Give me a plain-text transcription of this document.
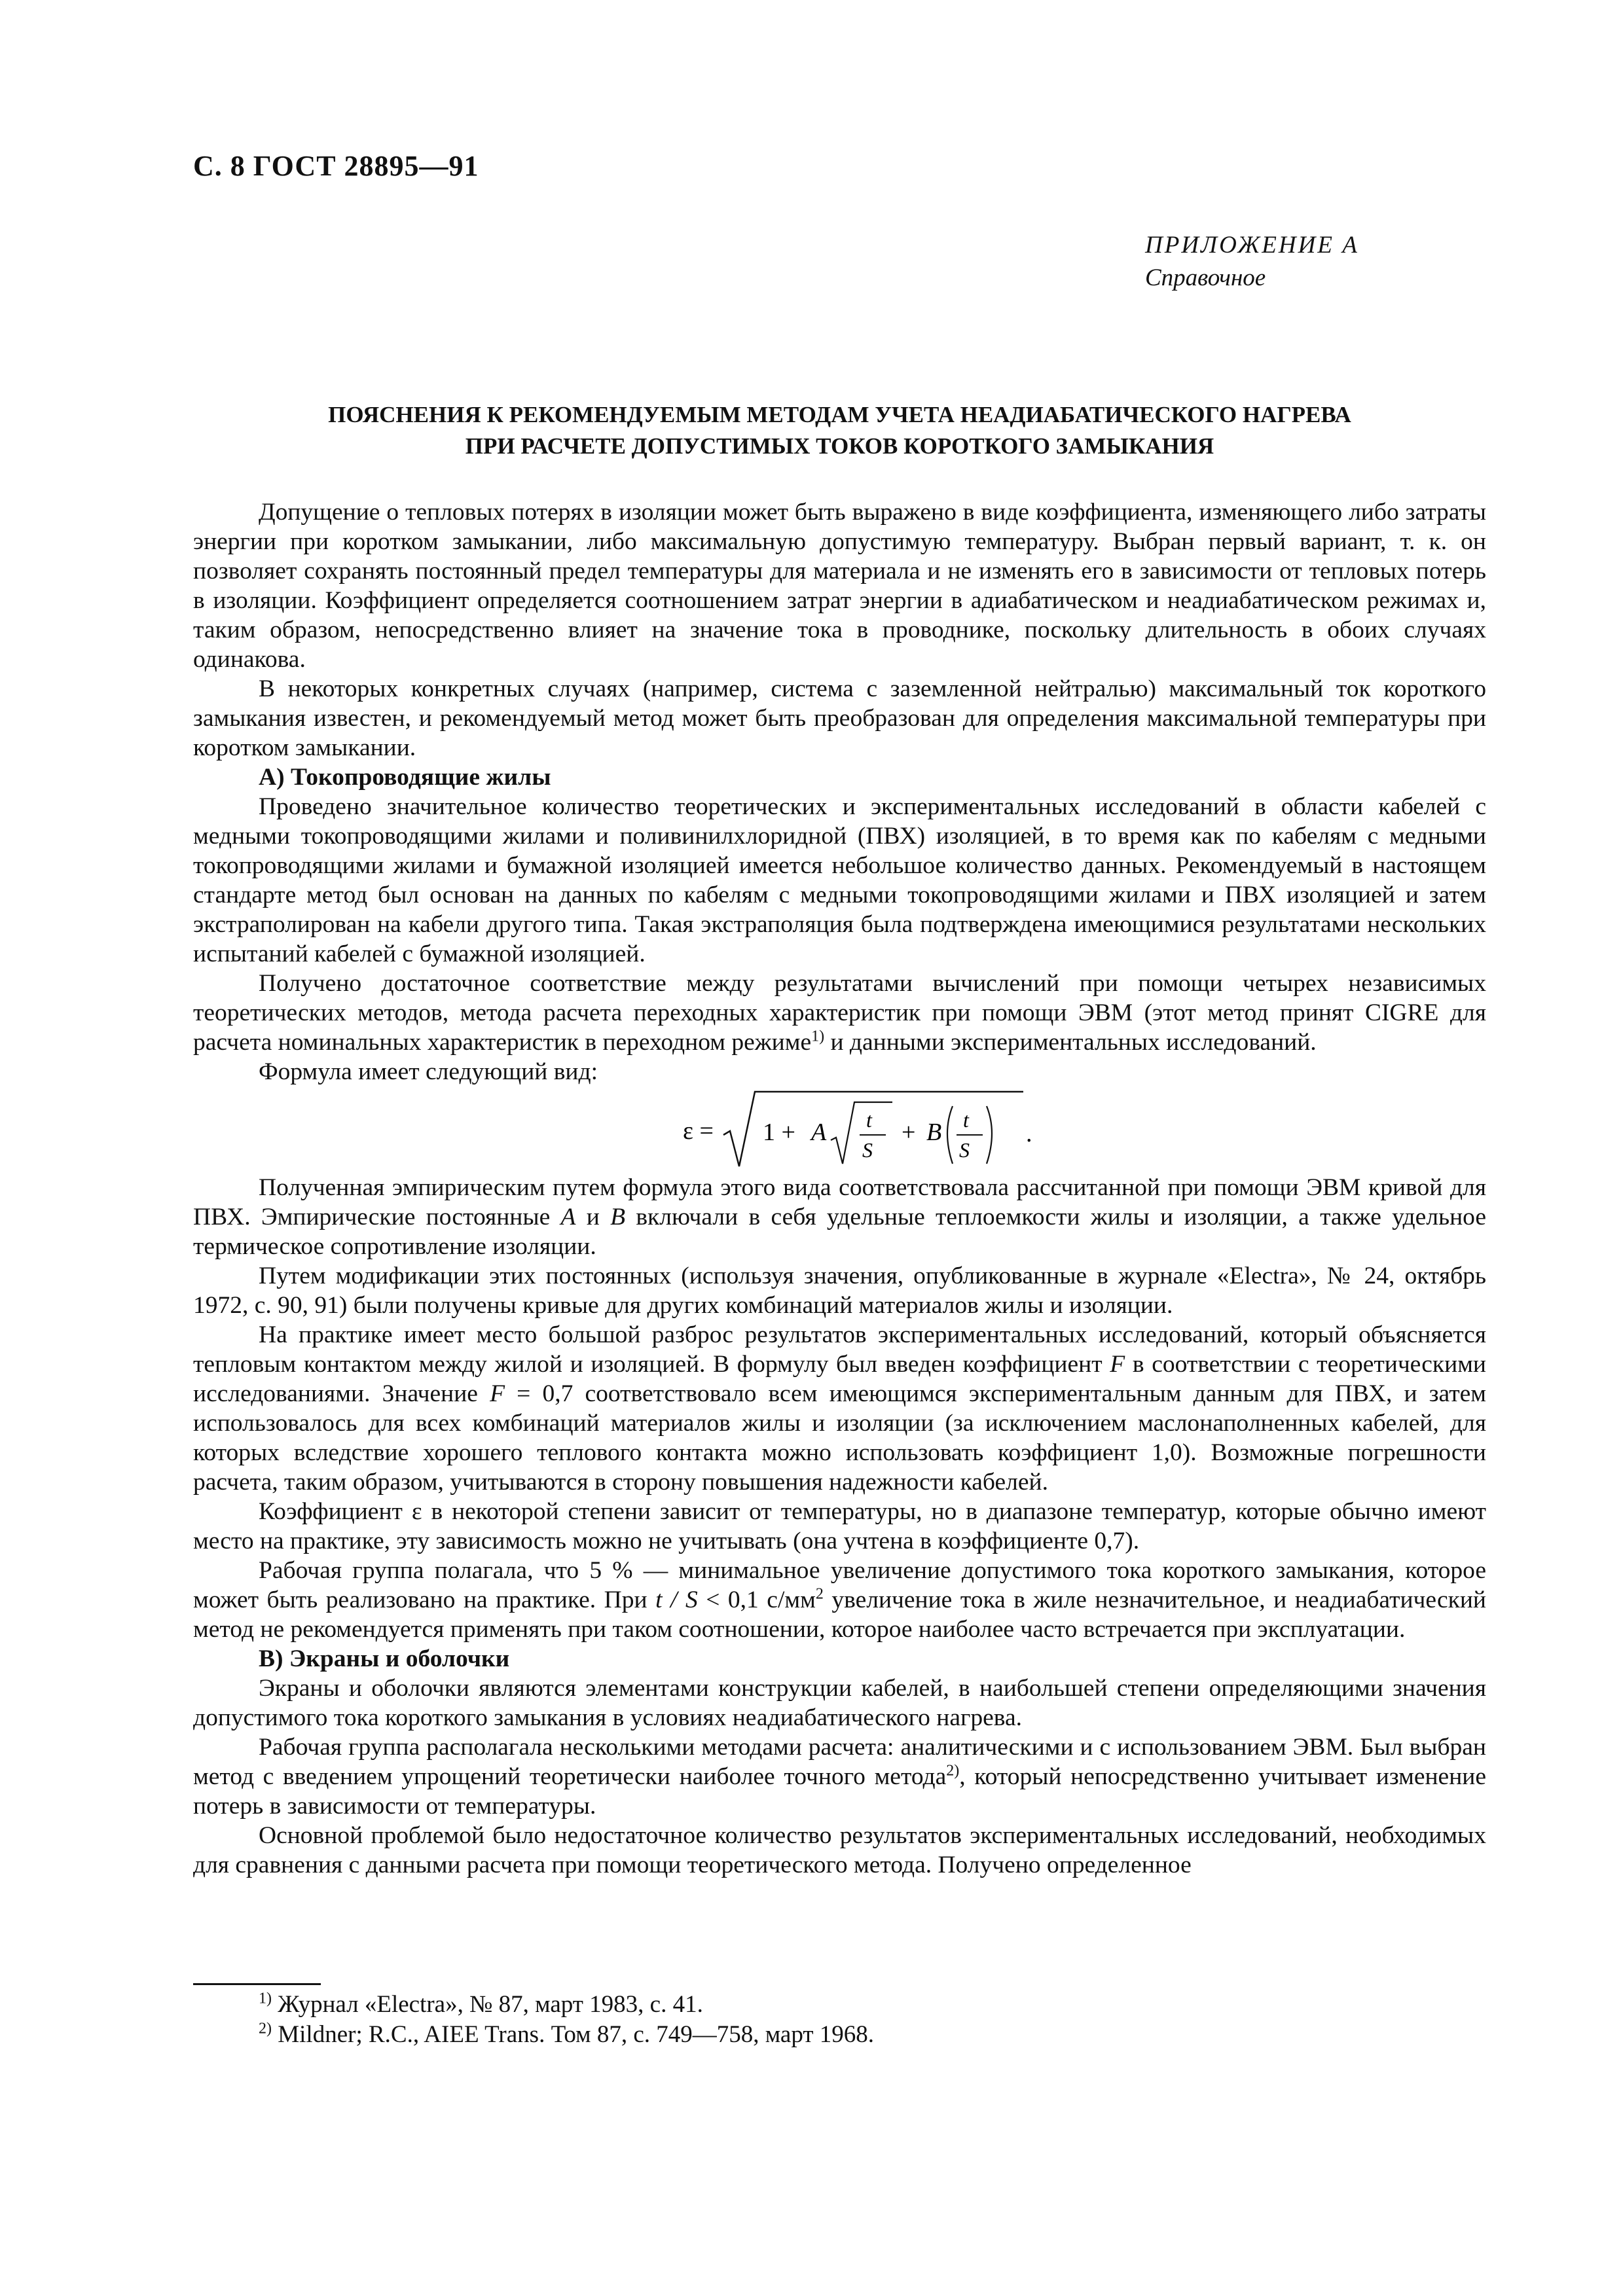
С. 8 ГОСТ 28895—91
ПРИЛОЖЕНИЕ А
Справочное
ПОЯСНЕНИЯ К РЕКОМЕНДУЕМЫМ МЕТОДАМ УЧЕТА НЕАДИАБАТИЧЕСКОГО НАГРЕВА
ПРИ РАСЧЕТЕ ДОПУСТИМЫХ ТОКОВ КОРОТКОГО ЗАМЫКАНИЯ

Допущение о тепловых потерях в изоляции может быть выражено в виде коэффициента, изменяющего либо затраты энергии при коротком замыкании, либо максимальную допустимую температуру. Выбран первый вариант, т. к. он позволяет сохранять постоянный предел температуры для материала и не изменять его в зависимости от тепловых потерь в изоляции. Коэффициент определяется соотношением затрат энергии в адиабатическом и неадиабатическом режимах и, таким образом, непосредственно влияет на значение тока в проводнике, поскольку длительность в обоих случаях одинакова.

В некоторых конкретных случаях (например, система с заземленной нейтралью) максимальный ток короткого замыкания известен, и рекомендуемый метод может быть преобразован для определения максимальной температуры при коротком замыкании.

А) Токопроводящие жилы

Проведено значительное количество теоретических и экспериментальных исследований в области кабелей с медными токопроводящими жилами и поливинилхлоридной (ПВХ) изоляцией, в то время как по кабелям с медными токопроводящими жилами и бумажной изоляцией имеется небольшое количество данных. Рекомендуемый в настоящем стандарте метод был основан на данных по кабелям с медными токопроводящими жилами и ПВХ изоляцией и затем экстраполирован на кабели другого типа. Такая экстраполяция была подтверждена имеющимися результатами нескольких испытаний кабелей с бумажной изоляцией.

Получено достаточное соответствие между результатами вычислений при помощи четырех независимых теоретических методов, метода расчета переходных характеристик при помощи ЭВМ (этот метод принят CIGRE для расчета номинальных характеристик в переходном режиме$^{1)}$ и данными экспериментальных исследований.

Формула имеет следующий вид:

ε = 1 + A t
S
+ B t
S
.

Полученная эмпирическим путем формула этого вида соответствовала рассчитанной при помощи ЭВМ кривой для ПВХ. Эмпирические постоянные А и В включали в себя удельные теплоемкости жилы и изоляции, а также удельное термическое сопротивление изоляции.

Путем модификации этих постоянных (используя значения, опубликованные в журнале «Electra», № 24, октябрь 1972, с. 90, 91) были получены кривые для других комбинаций материалов жилы и изоляции.

На практике имеет место большой разброс результатов экспериментальных исследований, который объясняется тепловым контактом между жилой и изоляцией. В формулу был введен коэффициент F в соответствии с теоретическими исследованиями. Значение F = 0,7 соответствовало всем имеющимся экспериментальным данным для ПВХ, и затем использовалось для всех комбинаций материалов жилы и изоляции (за исключением маслонаполненных кабелей, для которых вследствие хорошего теплового контакта можно использовать коэффициент 1,0). Возможные погрешности расчета, таким образом, учитываются в сторону повышения надежности кабелей.

Коэффициент ε в некоторой степени зависит от температуры, но в диапазоне температур, которые обычно имеют место на практике, эту зависимость можно не учитывать (она учтена в коэффициенте 0,7).

Рабочая группа полагала, что 5 % — минимальное увеличение допустимого тока короткого замыкания, которое может быть реализовано на практике. При t / S < 0,1 $с/мм^2$ увеличение тока в жиле незначительное, и неадиабатический метод не рекомендуется применять при таком соотношении, которое наиболее часто встречается при эксплуатации.

В) Экраны и оболочки

Экраны и оболочки являются элементами конструкции кабелей, в наибольшей степени определяющими значения допустимого тока короткого замыкания в условиях неадиабатического нагрева.

Рабочая группа располагала несколькими методами расчета: аналитическими и с использованием ЭВМ. Был выбран метод с введением упрощений теоретически наиболее точного метода$^{2)}$, который непосредственно учитывает изменение потерь в зависимости от температуры.

Основной проблемой было недостаточное количество результатов экспериментальных исследований, необходимых для сравнения с данными расчета при помощи теоретического метода. Получено определенное

$^{1)}$ Журнал «Electra», № 87, март 1983, с. 41.
$^{2)}$ Mildner; R.C., AIEE Trans. Том 87, с. 749—758, март 1968.
